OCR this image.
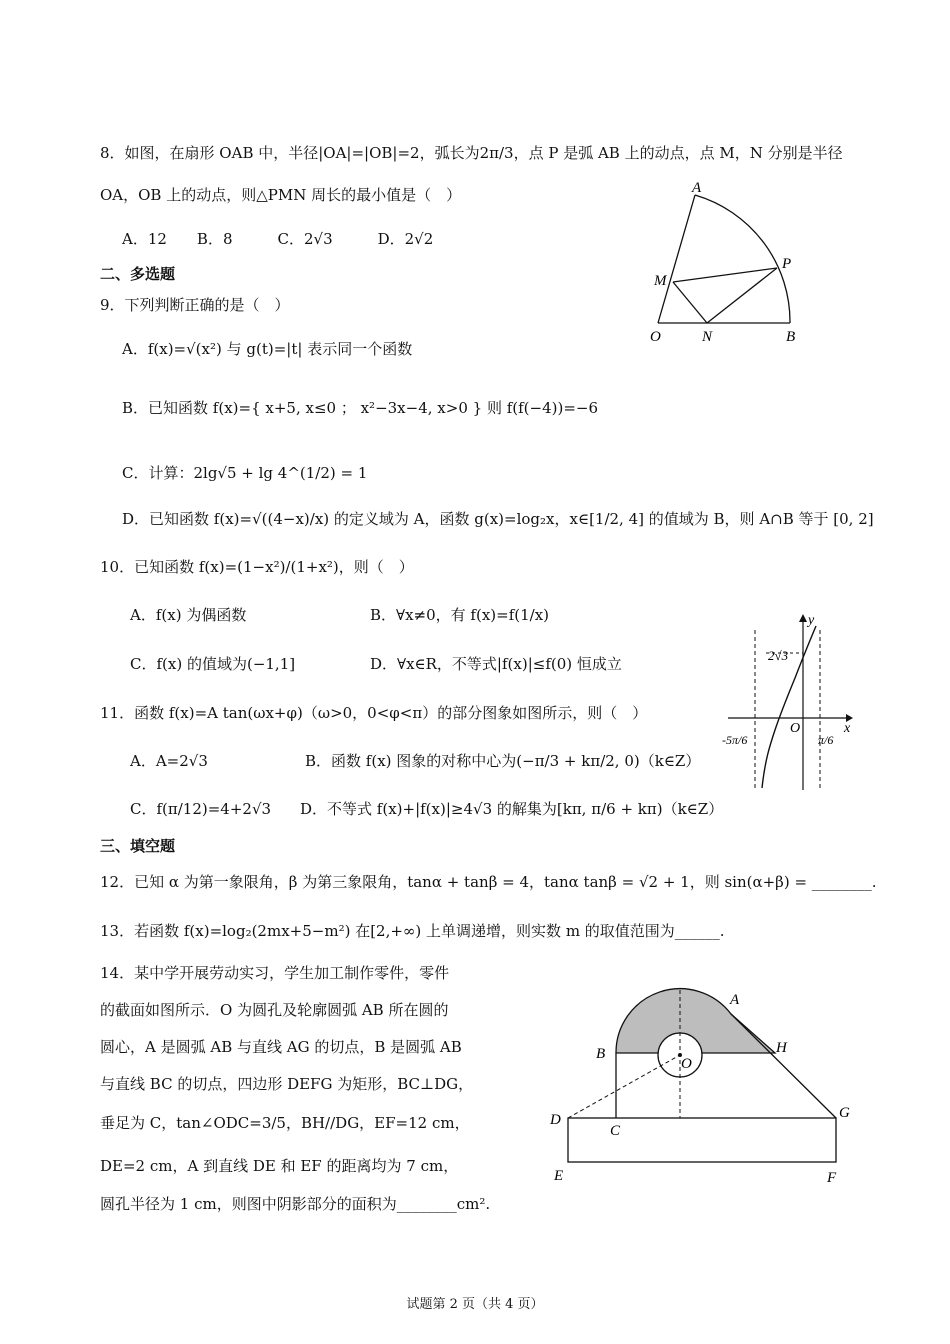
8．如图，在扇形 OAB 中，半径|OA|=|OB|=2，弧长为2π/3，点 P 是弧 AB 上的动点，点 M，N 分别是半径
OA，OB 上的动点，则△PMN 周长的最小值是（　）
A．12　　B．8　　　C．2√3　　　D．2√2
A
P
M
O	N	B
二、多选题
9．下列判断正确的是（　）
A．f(x)=√(x²) 与 g(t)=|t| 表示同一个函数
B．已知函数 f(x)={ x+5, x≤0 ； x²−3x−4, x>0 } 则 f(f(−4))=−6
C．计算：2lg√5 + lg 4^(1/2) = 1
D．已知函数 f(x)=√((4−x)/x) 的定义域为 A，函数 g(x)=log₂x，x∈[1/2, 4] 的值域为 B，则 A∩B 等于 [0, 2]
10．已知函数 f(x)=(1−x²)/(1+x²)，则（　）
A．f(x) 为偶函数	B．∀x≠0，有 f(x)=f(1/x)
C．f(x) 的值域为(−1,1]	D．∀x∈R，不等式|f(x)|≤f(0) 恒成立
y
x
O
2√3
-5π/6	π/6
11．函数 f(x)=A tan(ωx+φ)（ω>0，0<φ<π）的部分图象如图所示，则（　）
A．A=2√3	B．函数 f(x) 图象的对称中心为(−π/3 + kπ/2, 0)（k∈Z）
C．f(π/12)=4+2√3 D．不等式 f(x)+|f(x)|≥4√3 的解集为[kπ, π/6 + kπ)（k∈Z）
三、填空题
12．已知 α 为第一象限角，β 为第三象限角，tanα + tanβ = 4，tanα tanβ = √2 + 1，则 sin(α+β) = ________.
13．若函数 f(x)=log₂(2mx+5−m²) 在[2,+∞) 上单调递增，则实数 m 的取值范围为______.
14．某中学开展劳动实习，学生加工制作零件，零件
的截面如图所示．O 为圆孔及轮廓圆弧 AB 所在圆的
圆心，A 是圆弧 AB 与直线 AG 的切点，B 是圆弧 AB
与直线 BC 的切点，四边形 DEFG 为矩形，BC⊥DG，
垂足为 C，tan∠ODC=3/5，BH//DG，EF=12 cm，
DE=2 cm，A 到直线 DE 和 EF 的距离均为 7 cm，
圆孔半径为 1 cm，则图中阴影部分的面积为________cm².
A
B	H
O
D
C
G
E	F
试题第 2 页（共 4 页）
